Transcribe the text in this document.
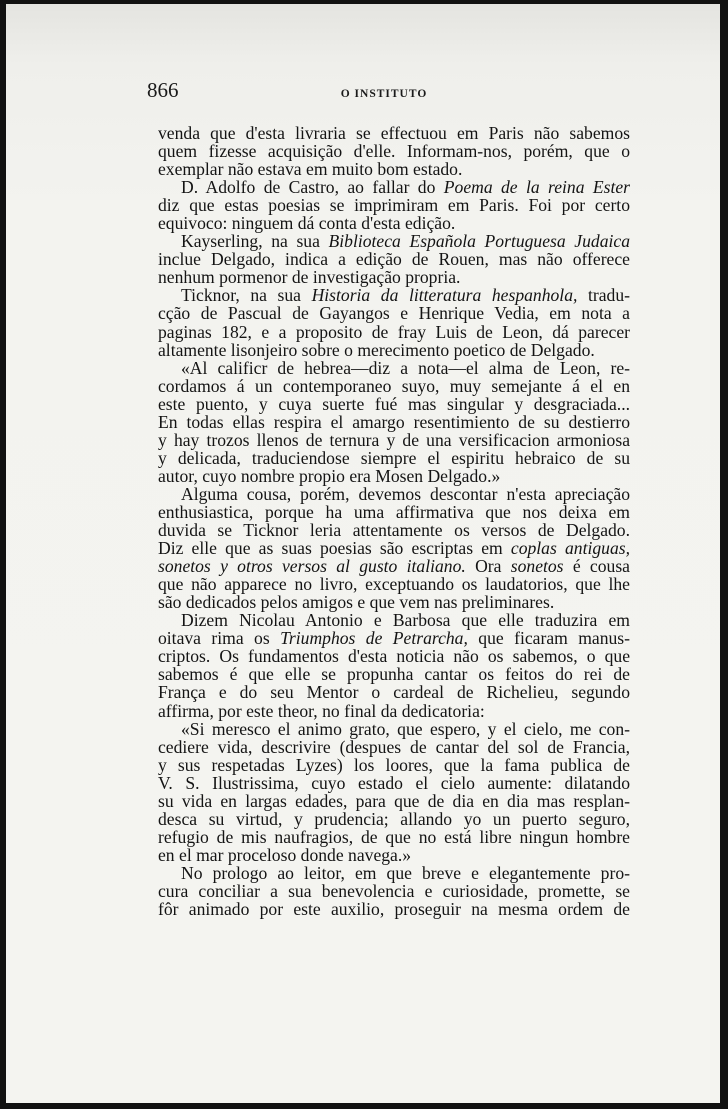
866	O INSTITUTO
venda que d'esta livraria se effectuou em Paris não sabemos
quem fizesse acquisição d'elle. Informam-nos, porém, que o
exemplar não estava em muito bom estado.
D. Adolfo de Castro, ao fallar do Poema de la reina Ester
diz que estas poesias se imprimiram em Paris. Foi por certo
equivoco: ninguem dá conta d'esta edição.
Kayserling, na sua Biblioteca Española Portuguesa Judaica
inclue Delgado, indica a edição de Rouen, mas não offerece
nenhum pormenor de investigação propria.
Ticknor, na sua Historia da litteratura hespanhola, tradu-
cção de Pascual de Gayangos e Henrique Vedia, em nota a
paginas 182, e a proposito de fray Luis de Leon, dá parecer
altamente lisonjeiro sobre o merecimento poetico de Delgado.
«Al calificr de hebrea—diz a nota—el alma de Leon, re-
cordamos á un contemporaneo suyo, muy semejante á el en
este puento, y cuya suerte fué mas singular y desgraciada...
En todas ellas respira el amargo resentimiento de su destierro
y hay trozos llenos de ternura y de una versificacion armoniosa
y delicada, traduciendose siempre el espiritu hebraico de su
autor, cuyo nombre propio era Mosen Delgado.»
Alguma cousa, porém, devemos descontar n'esta apreciação
enthusiastica, porque ha uma affirmativa que nos deixa em
duvida se Ticknor leria attentamente os versos de Delgado.
Diz elle que as suas poesias são escriptas em coplas antiguas,
sonetos y otros versos al gusto italiano. Ora sonetos é cousa
que não apparece no livro, exceptuando os laudatorios, que lhe
são dedicados pelos amigos e que vem nas preliminares.
Dizem Nicolau Antonio e Barbosa que elle traduzira em
oitava rima os Triumphos de Petrarcha, que ficaram manus-
criptos. Os fundamentos d'esta noticia não os sabemos, o que
sabemos é que elle se propunha cantar os feitos do rei de
França e do seu Mentor o cardeal de Richelieu, segundo
affirma, por este theor, no final da dedicatoria:
«Si meresco el animo grato, que espero, y el cielo, me con-
cediere vida, descrivire (despues de cantar del sol de Francia,
y sus respetadas Lyzes) los loores, que la fama publica de
V. S. Ilustrissima, cuyo estado el cielo aumente: dilatando
su vida en largas edades, para que de dia en dia mas resplan-
desca su virtud, y prudencia; allando yo un puerto seguro,
refugio de mis naufragios, de que no está libre ningun hombre
en el mar proceloso donde navega.»
No prologo ao leitor, em que breve e elegantemente pro-
cura conciliar a sua benevolencia e curiosidade, promette, se
fôr animado por este auxilio, proseguir na mesma ordem de
